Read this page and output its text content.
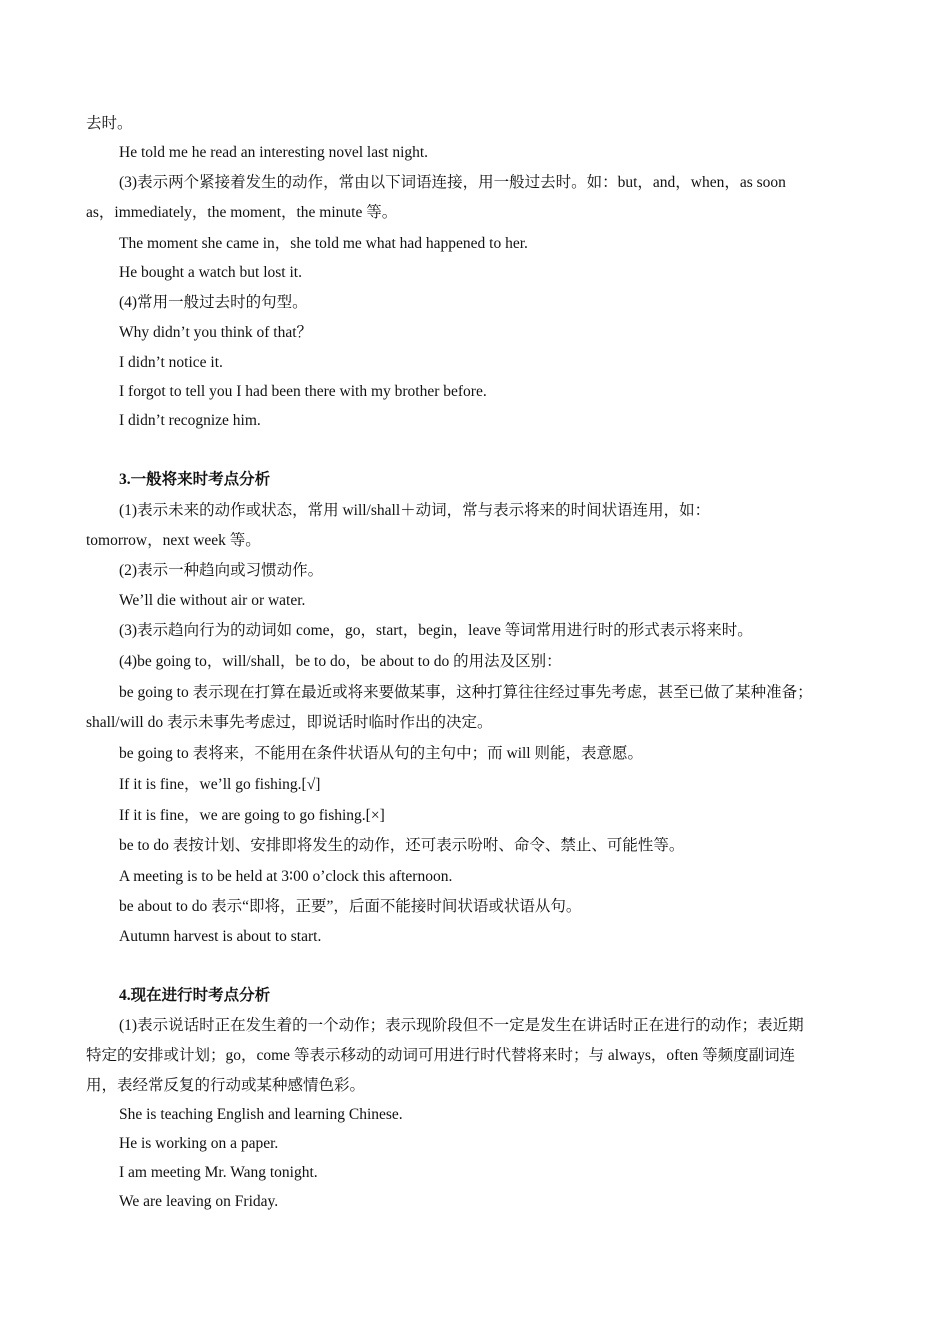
去时。
He told me he read an interesting novel last night.
(3)表示两个紧接着发生的动作，常由以下词语连接，用一般过去时。如：but，and，when，as soon
as，immediately，the moment，the minute 等。
The moment she came in，she told me what had happened to her.
He bought a watch but lost it.
(4)常用一般过去时的句型。
Why didn’t you think of that？
I didn’t notice it.
I forgot to tell you I had been there with my brother before.
I didn’t recognize him.
3.一般将来时考点分析
(1)表示未来的动作或状态，常用 will/shall＋动词，常与表示将来的时间状语连用，如：
tomorrow，next week 等。
(2)表示一种趋向或习惯动作。
We’ll die without air or water.
(3)表示趋向行为的动词如 come，go，start，begin，leave 等词常用进行时的形式表示将来时。
(4)be going to，will/shall，be to do，be about to do 的用法及区别：
be going to 表示现在打算在最近或将来要做某事，这种打算往往经过事先考虑，甚至已做了某种准备；
shall/will do 表示未事先考虑过，即说话时临时作出的决定。
be going to 表将来，不能用在条件状语从句的主句中；而 will 则能，表意愿。
If it is fine，we’ll go fishing.[√]
If it is fine，we are going to go fishing.[×]
be to do 表按计划、安排即将发生的动作，还可表示吩咐、命令、禁止、可能性等。
A meeting is to be held at 3∶00 o’clock this afternoon.
be about to do 表示“即将，正要”，后面不能接时间状语或状语从句。
Autumn harvest is about to start.
4.现在进行时考点分析
(1)表示说话时正在发生着的一个动作；表示现阶段但不一定是发生在讲话时正在进行的动作；表近期
特定的安排或计划；go，come 等表示移动的动词可用进行时代替将来时；与 always，often 等频度副词连
用，表经常反复的行动或某种感情色彩。
She is teaching English and learning Chinese.
He is working on a paper.
I am meeting Mr. Wang tonight.
We are leaving on Friday.
